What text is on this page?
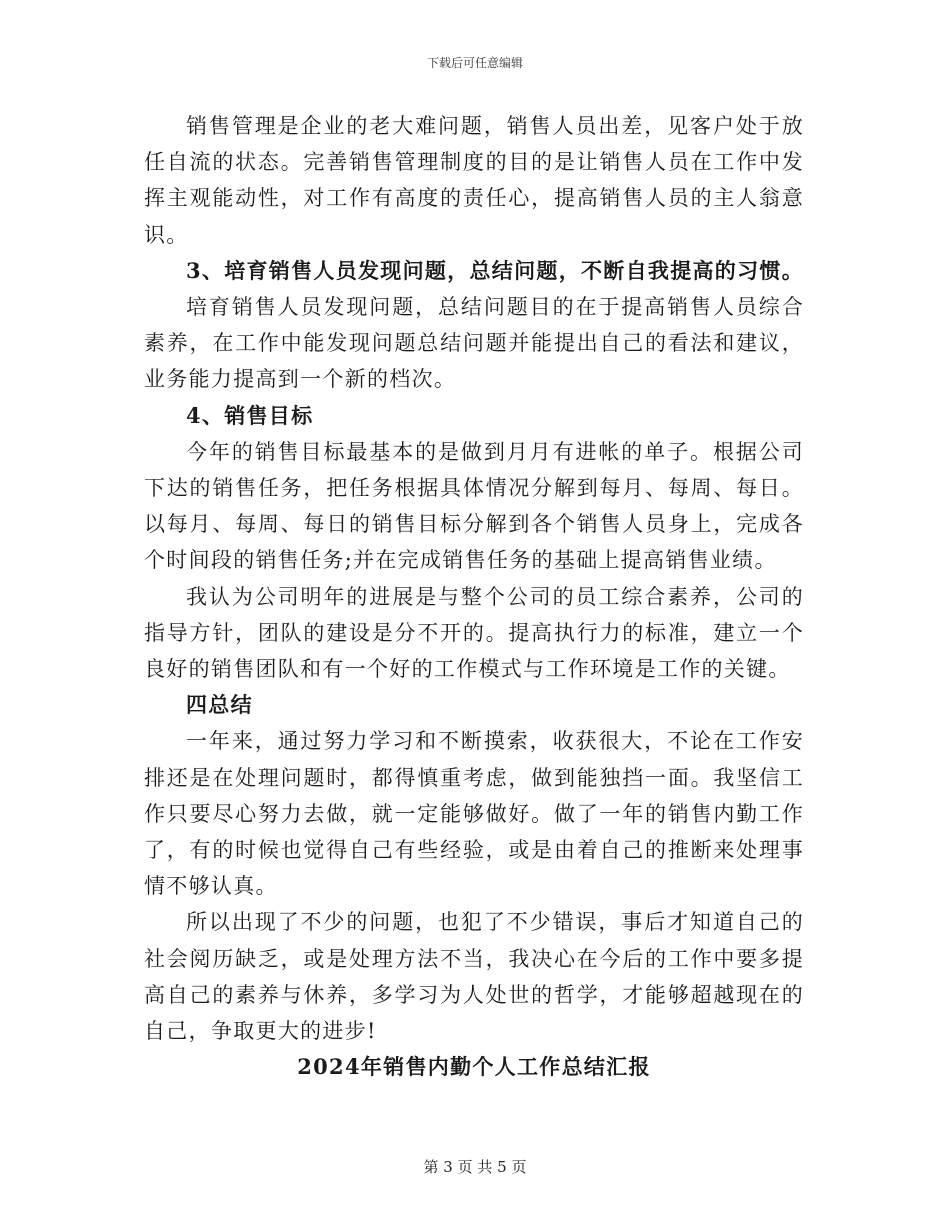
下载后可任意编辑

销售管理是企业的老大难问题，销售人员出差，见客户处于放任自流的状态。完善销售管理制度的目的是让销售人员在工作中发挥主观能动性，对工作有高度的责任心，提高销售人员的主人翁意识。

3、培育销售人员发现问题，总结问题，不断自我提高的习惯。

培育销售人员发现问题，总结问题目的在于提高销售人员综合素养，在工作中能发现问题总结问题并能提出自己的看法和建议，业务能力提高到一个新的档次。

4、销售目标

今年的销售目标最基本的是做到月月有进帐的单子。根据公司下达的销售任务，把任务根据具体情况分解到每月、每周、每日。以每月、每周、每日的销售目标分解到各个销售人员身上，完成各个时间段的销售任务;并在完成销售任务的基础上提高销售业绩。

我认为公司明年的进展是与整个公司的员工综合素养，公司的指导方针，团队的建设是分不开的。提高执行力的标准，建立一个良好的销售团队和有一个好的工作模式与工作环境是工作的关键。

四总结

一年来，通过努力学习和不断摸索，收获很大，不论在工作安排还是在处理问题时，都得慎重考虑，做到能独挡一面。我坚信工作只要尽心努力去做，就一定能够做好。做了一年的销售内勤工作了，有的时候也觉得自己有些经验，或是由着自己的推断来处理事情不够认真。

所以出现了不少的问题，也犯了不少错误，事后才知道自己的社会阅历缺乏，或是处理方法不当，我决心在今后的工作中要多提高自己的素养与休养，多学习为人处世的哲学，才能够超越现在的自己，争取更大的进步!

2024年销售内勤个人工作总结汇报

第 3 页 共 5 页
